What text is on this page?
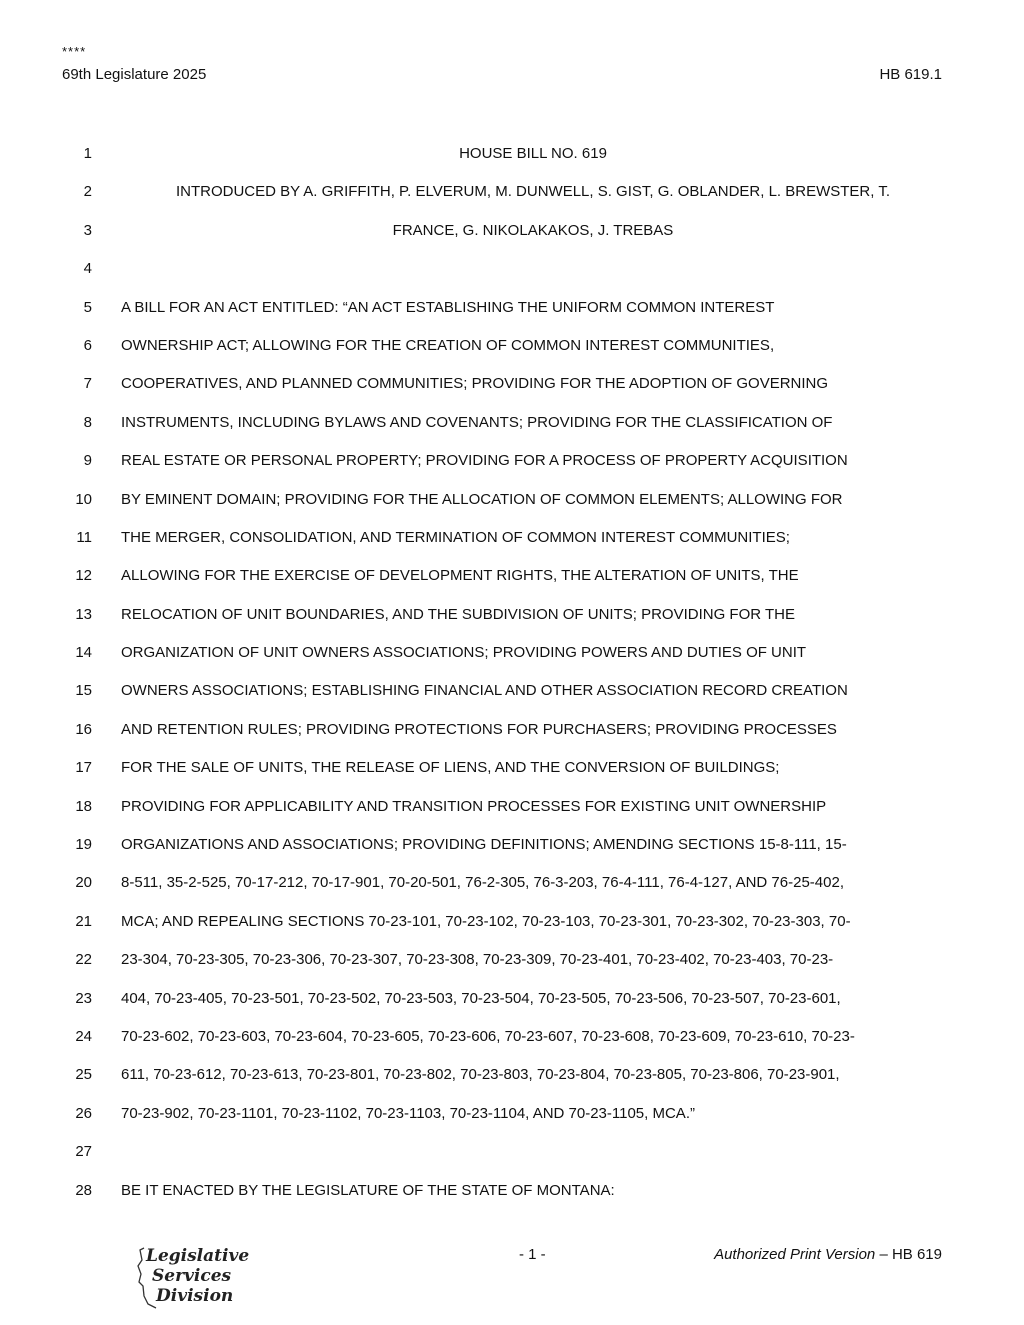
****
69th Legislature 2025	HB 619.1
1	HOUSE BILL NO. 619
2	INTRODUCED BY A. GRIFFITH, P. ELVERUM, M. DUNWELL, S. GIST, G. OBLANDER, L. BREWSTER, T.
3	FRANCE, G. NIKOLAKAKOS, J. TREBAS
4
5 A BILL FOR AN ACT ENTITLED: “AN ACT ESTABLISHING THE UNIFORM COMMON INTEREST
6 OWNERSHIP ACT; ALLOWING FOR THE CREATION OF COMMON INTEREST COMMUNITIES,
7 COOPERATIVES, AND PLANNED COMMUNITIES; PROVIDING FOR THE ADOPTION OF GOVERNING
8 INSTRUMENTS, INCLUDING BYLAWS AND COVENANTS; PROVIDING FOR THE CLASSIFICATION OF
9 REAL ESTATE OR PERSONAL PROPERTY; PROVIDING FOR A PROCESS OF PROPERTY ACQUISITION
10 BY EMINENT DOMAIN; PROVIDING FOR THE ALLOCATION OF COMMON ELEMENTS; ALLOWING FOR
11 THE MERGER, CONSOLIDATION, AND TERMINATION OF COMMON INTEREST COMMUNITIES;
12 ALLOWING FOR THE EXERCISE OF DEVELOPMENT RIGHTS, THE ALTERATION OF UNITS, THE
13 RELOCATION OF UNIT BOUNDARIES, AND THE SUBDIVISION OF UNITS; PROVIDING FOR THE
14 ORGANIZATION OF UNIT OWNERS ASSOCIATIONS; PROVIDING POWERS AND DUTIES OF UNIT
15 OWNERS ASSOCIATIONS; ESTABLISHING FINANCIAL AND OTHER ASSOCIATION RECORD CREATION
16 AND RETENTION RULES; PROVIDING PROTECTIONS FOR PURCHASERS; PROVIDING PROCESSES
17 FOR THE SALE OF UNITS, THE RELEASE OF LIENS, AND THE CONVERSION OF BUILDINGS;
18 PROVIDING FOR APPLICABILITY AND TRANSITION PROCESSES FOR EXISTING UNIT OWNERSHIP
19 ORGANIZATIONS AND ASSOCIATIONS; PROVIDING DEFINITIONS; AMENDING SECTIONS 15-8-111, 15-
20 8-511, 35-2-525, 70-17-212, 70-17-901, 70-20-501, 76-2-305, 76-3-203, 76-4-111, 76-4-127, AND 76-25-402,
21 MCA; AND REPEALING SECTIONS 70-23-101, 70-23-102, 70-23-103, 70-23-301, 70-23-302, 70-23-303, 70-
22 23-304, 70-23-305, 70-23-306, 70-23-307, 70-23-308, 70-23-309, 70-23-401, 70-23-402, 70-23-403, 70-23-
23 404, 70-23-405, 70-23-501, 70-23-502, 70-23-503, 70-23-504, 70-23-505, 70-23-506, 70-23-507, 70-23-601,
24 70-23-602, 70-23-603, 70-23-604, 70-23-605, 70-23-606, 70-23-607, 70-23-608, 70-23-609, 70-23-610, 70-23-
25 611, 70-23-612, 70-23-613, 70-23-801, 70-23-802, 70-23-803, 70-23-804, 70-23-805, 70-23-806, 70-23-901,
26 70-23-902, 70-23-1101, 70-23-1102, 70-23-1103, 70-23-1104, AND 70-23-1105, MCA.”
27
28 BE IT ENACTED BY THE LEGISLATURE OF THE STATE OF MONTANA:
Legislative
Services
Division
- 1 -	Authorized Print Version – HB 619
